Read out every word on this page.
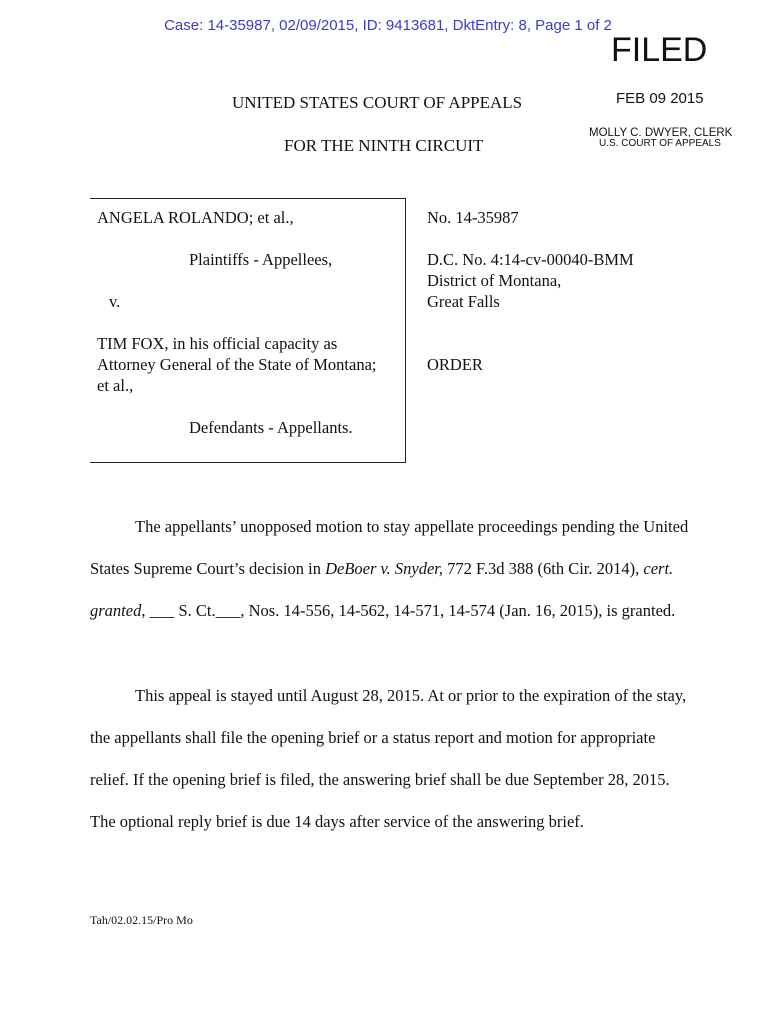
Case: 14-35987, 02/09/2015, ID: 9413681, DktEntry: 8, Page 1 of 2
FILED
FEB 09 2015
MOLLY C. DWYER, CLERK
U.S. COURT OF APPEALS
UNITED STATES COURT OF APPEALS
FOR THE NINTH CIRCUIT
ANGELA ROLANDO; et al.,
Plaintiffs - Appellees,
v.
TIM FOX, in his official capacity as
Attorney General of the State of Montana;
et al.,
Defendants - Appellants.
No. 14-35987
D.C. No. 4:14-cv-00040-BMM
District of Montana,
Great Falls
ORDER
The appellants’ unopposed motion to stay appellate proceedings pending the United States Supreme Court’s decision in DeBoer v. Snyder, 772 F.3d 388 (6th Cir. 2014), cert. granted, ___ S. Ct.___, Nos. 14-556, 14-562, 14-571, 14-574 (Jan. 16, 2015), is granted.
This appeal is stayed until August 28, 2015. At or prior to the expiration of the stay, the appellants shall file the opening brief or a status report and motion for appropriate relief. If the opening brief is filed, the answering brief shall be due September 28, 2015. The optional reply brief is due 14 days after service of the answering brief.
Tah/02.02.15/Pro Mo
